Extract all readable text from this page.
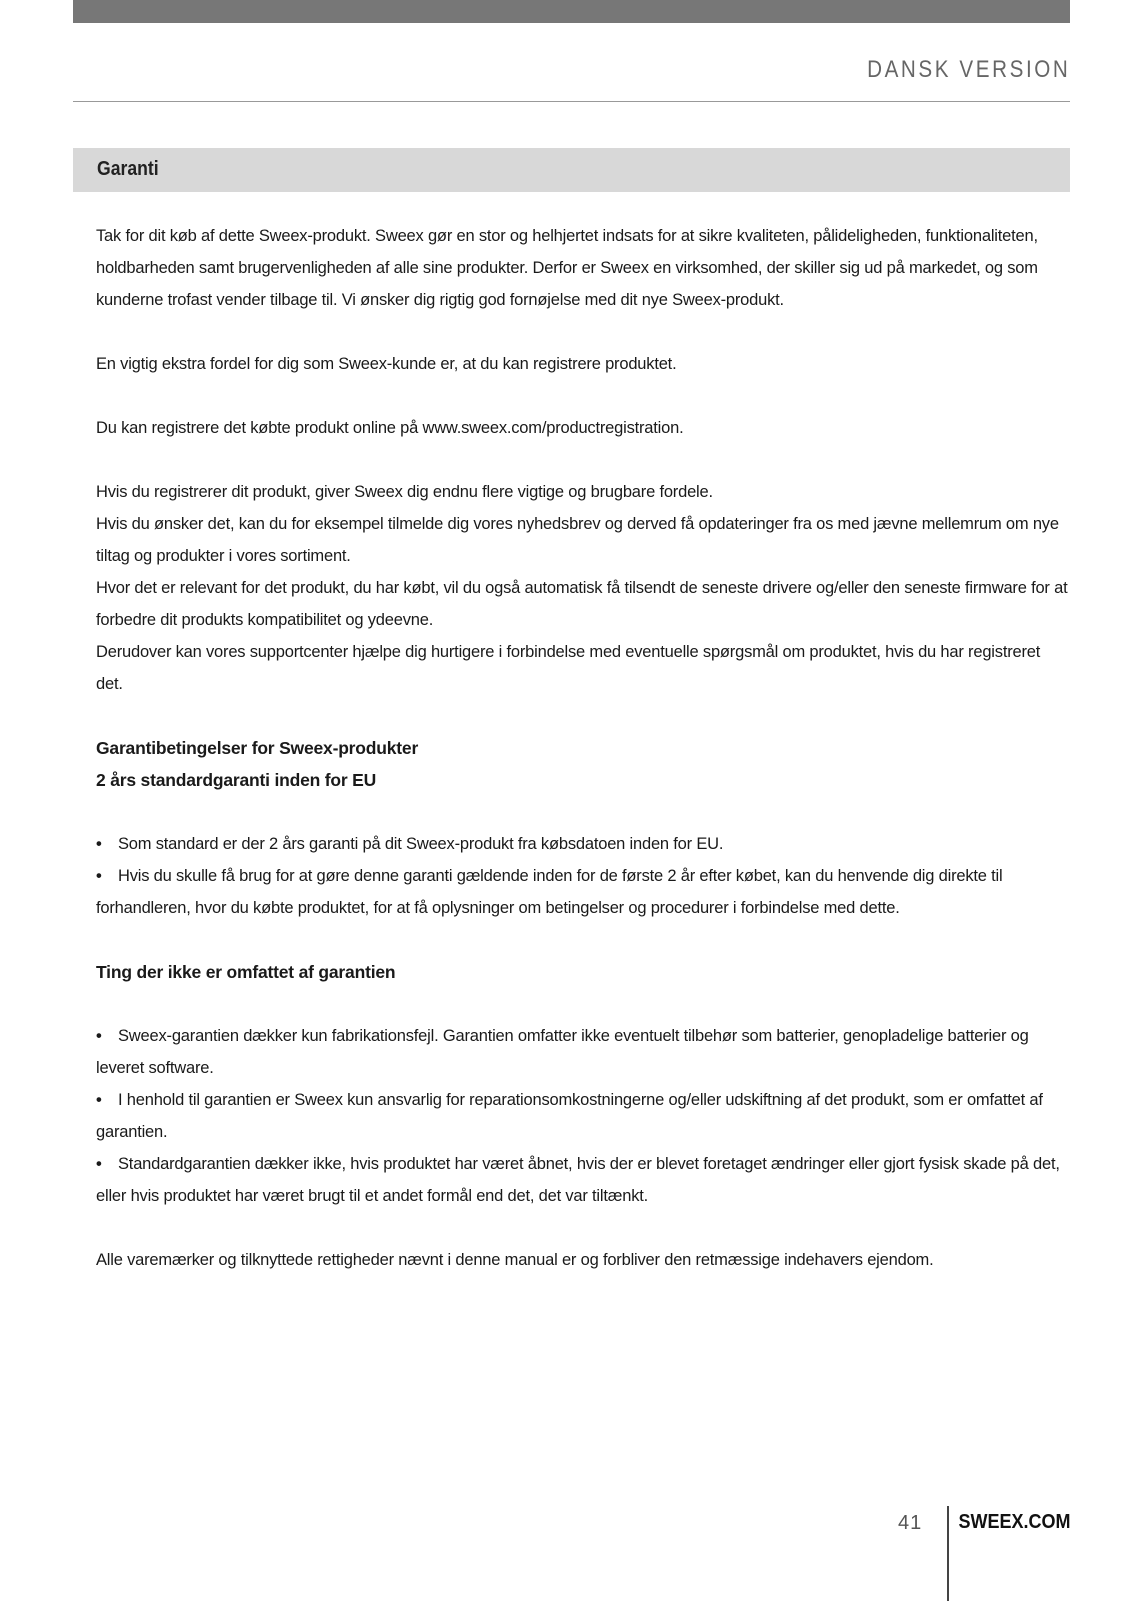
DANSK VERSION
Garanti

Tak for dit køb af dette Sweex-produkt. Sweex gør en stor og helhjertet indsats for at sikre kvaliteten, pålideligheden, funktionaliteten, holdbarheden samt brugervenligheden af alle sine produkter. Derfor er Sweex en virksomhed, der skiller sig ud på markedet, og som kunderne trofast vender tilbage til. Vi ønsker dig rigtig god fornøjelse med dit nye Sweex-produkt.

En vigtig ekstra fordel for dig som Sweex-kunde er, at du kan registrere produktet.

Du kan registrere det købte produkt online på www.sweex.com/productregistration.

Hvis du registrerer dit produkt, giver Sweex dig endnu flere vigtige og brugbare fordele.

Hvis du ønsker det, kan du for eksempel tilmelde dig vores nyhedsbrev og derved få opdateringer fra os med jævne mellemrum om nye tiltag og produkter i vores sortiment.

Hvor det er relevant for det produkt, du har købt, vil du også automatisk få tilsendt de seneste drivere og/eller den seneste firmware for at forbedre dit produkts kompatibilitet og ydeevne.

Derudover kan vores supportcenter hjælpe dig hurtigere i forbindelse med eventuelle spørgsmål om produktet, hvis du har registreret det.

Garantibetingelser for Sweex-produkter

2 års standardgaranti inden for EU

• Som standard er der 2 års garanti på dit Sweex-produkt fra købsdatoen inden for EU.

• Hvis du skulle få brug for at gøre denne garanti gældende inden for de første 2 år efter købet, kan du henvende dig direkte til forhandleren, hvor du købte produktet, for at få oplysninger om betingelser og procedurer i forbindelse med dette.

Ting der ikke er omfattet af garantien

• Sweex-garantien dækker kun fabrikationsfejl. Garantien omfatter ikke eventuelt tilbehør som batterier, genopladelige batterier og leveret software.

• I henhold til garantien er Sweex kun ansvarlig for reparationsomkostningerne og/eller udskiftning af det produkt, som er omfattet af garantien.

• Standardgarantien dækker ikke, hvis produktet har været åbnet, hvis der er blevet foretaget ændringer eller gjort fysisk skade på det, eller hvis produktet har været brugt til et andet formål end det, det var tiltænkt.

Alle varemærker og tilknyttede rettigheder nævnt i denne manual er og forbliver den retmæssige indehavers ejendom.

41 SWEEX.COM
